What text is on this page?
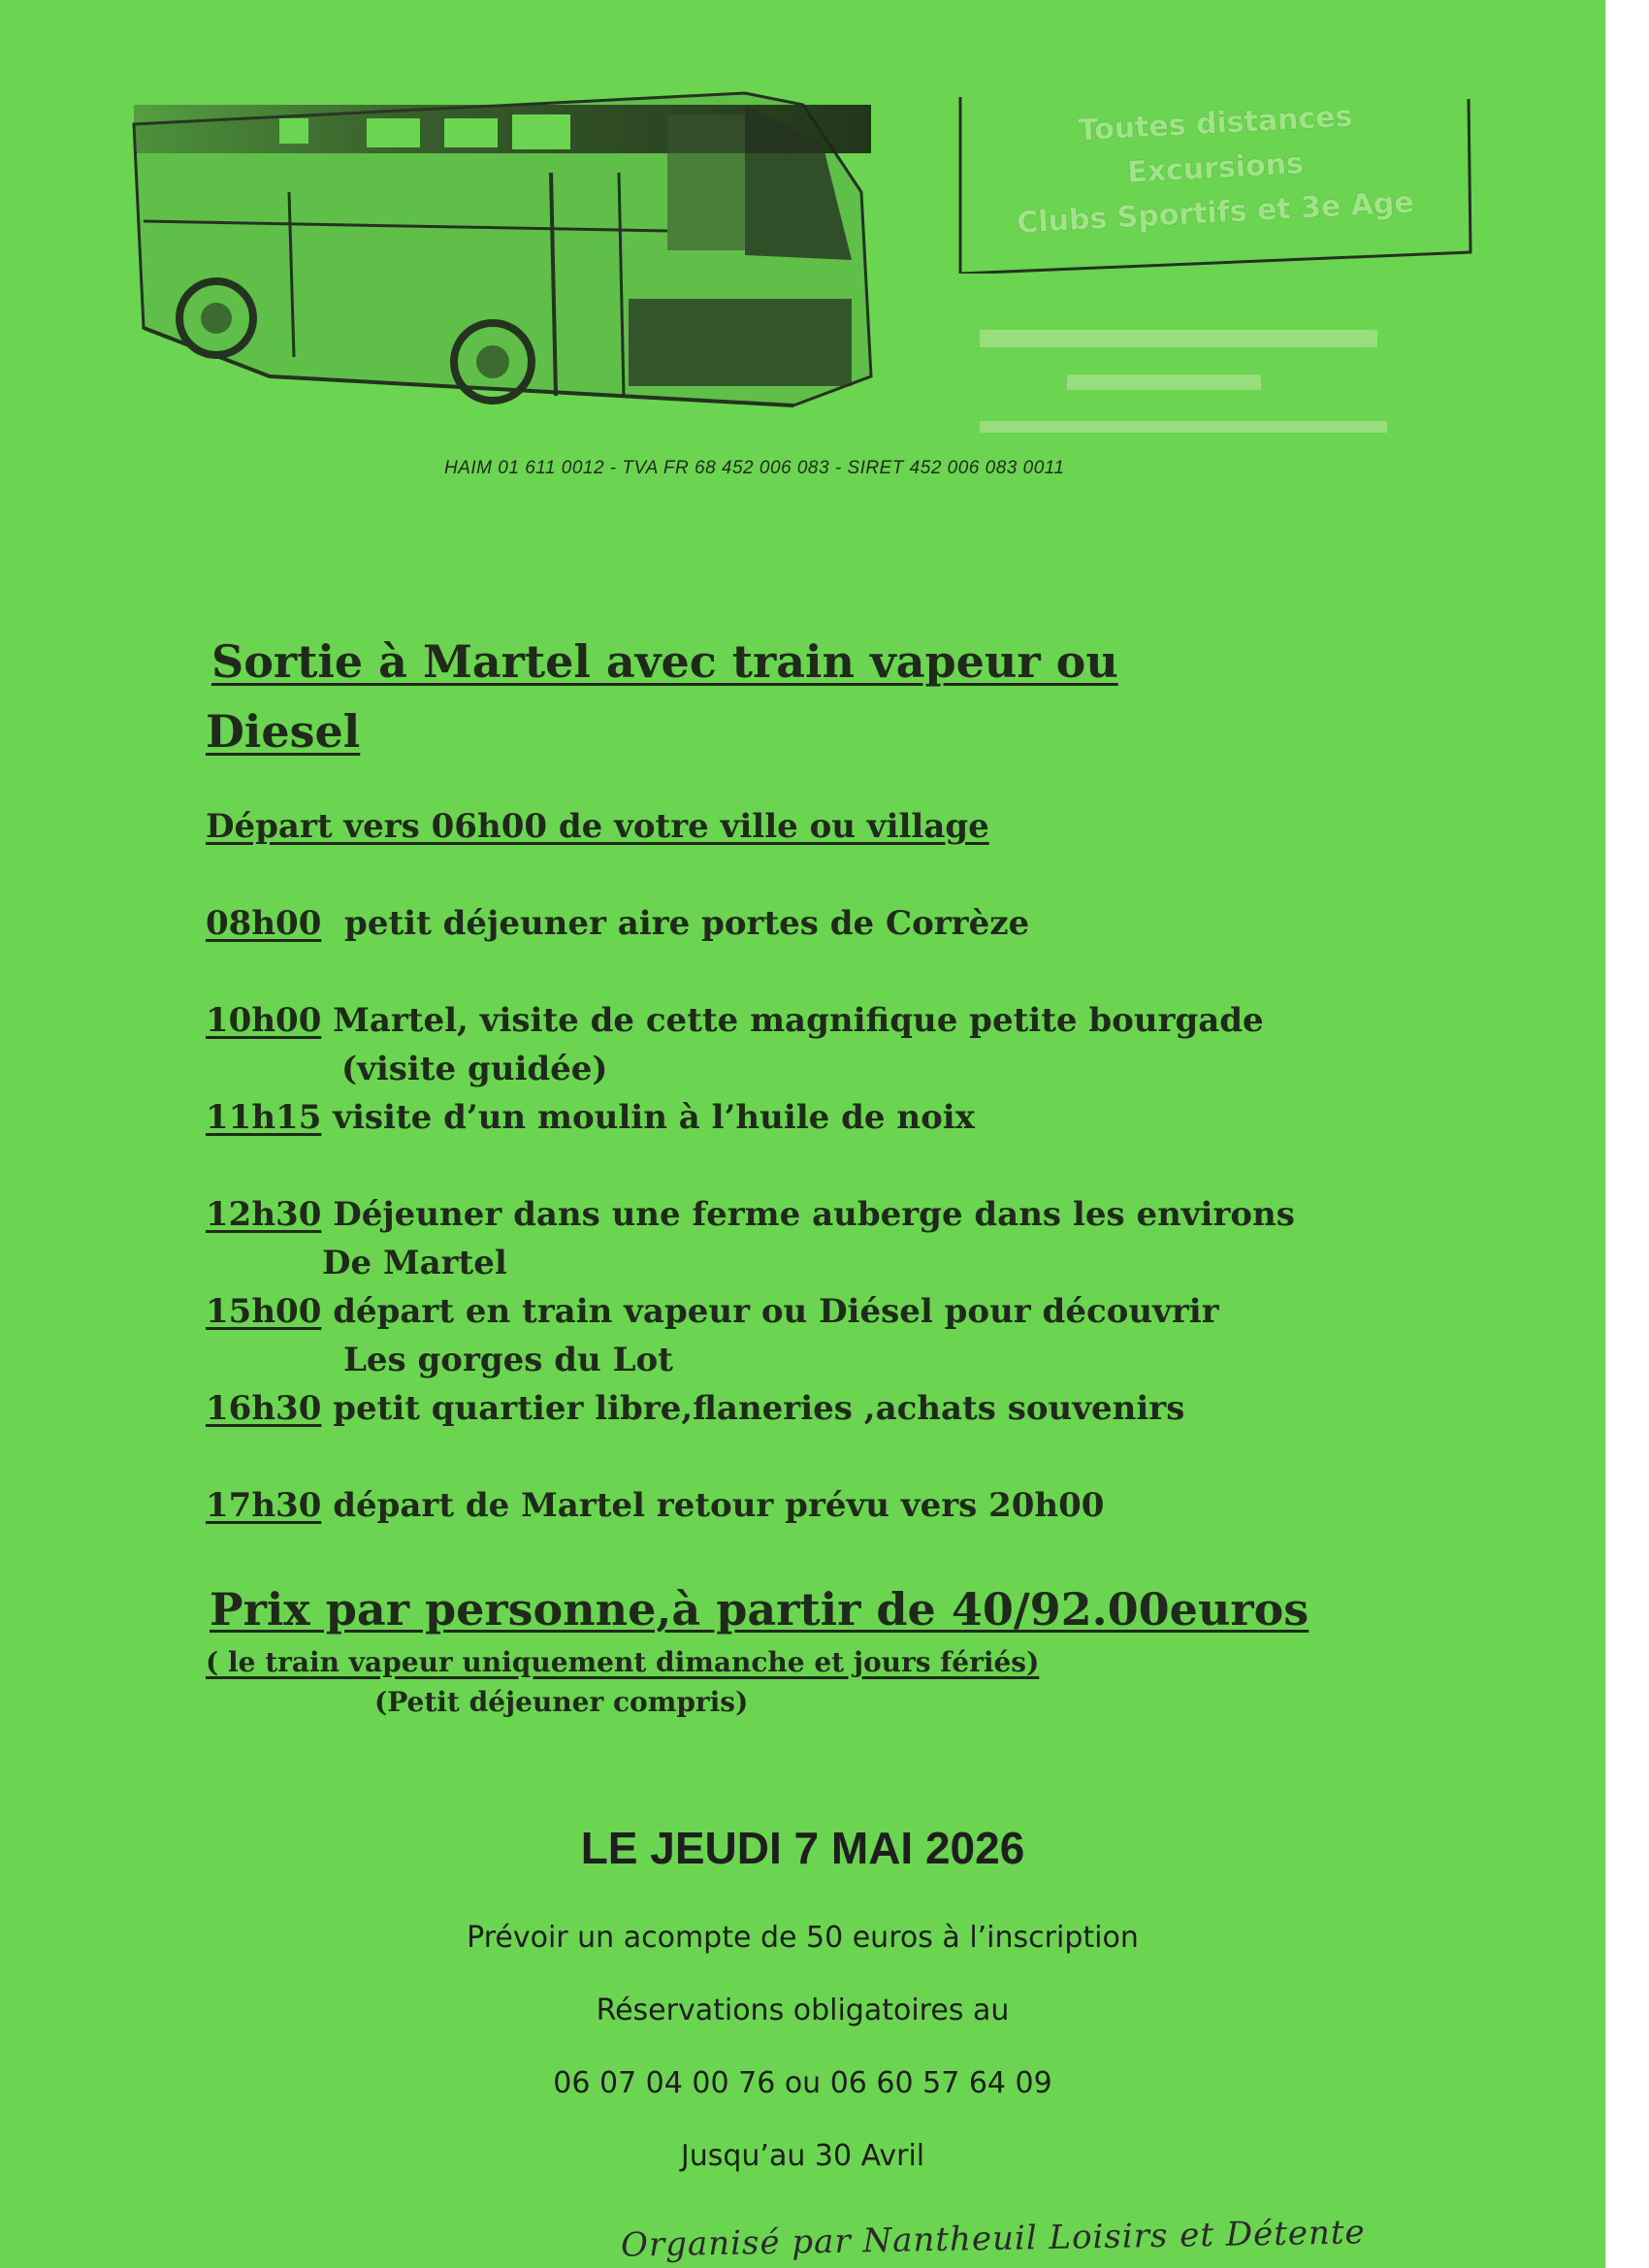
Toutes distances
Excursions
Clubs Sportifs et 3e Age
HAIM 01 611 0012 - TVA FR 68 452 006 083 - SIRET 452 006 083 0011
Sortie à Martel avec train vapeur ou
Diesel
Départ vers 06h00 de votre ville ou village
08h00 petit déjeuner aire portes de Corrèze
10h00 Martel, visite de cette magnifique petite bourgade
(visite guidée)
11h15 visite d’un moulin à l’huile de noix
12h30 Déjeuner dans une ferme auberge dans les environs
De Martel
15h00 départ en train vapeur ou Diésel pour découvrir
Les gorges du Lot
16h30 petit quartier libre,flaneries ,achats souvenirs
17h30 départ de Martel retour prévu vers 20h00
Prix par personne,à partir de 40/92.00euros
( le train vapeur uniquement dimanche et jours fériés)
(Petit déjeuner compris)
LE JEUDI 7 MAI 2026
Prévoir un acompte de 50 euros à l’inscription
Réservations obligatoires au
06 07 04 00 76 ou 06 60 57 64 09
Jusqu’au 30 Avril
Organisé par Nantheuil Loisirs et Détente
